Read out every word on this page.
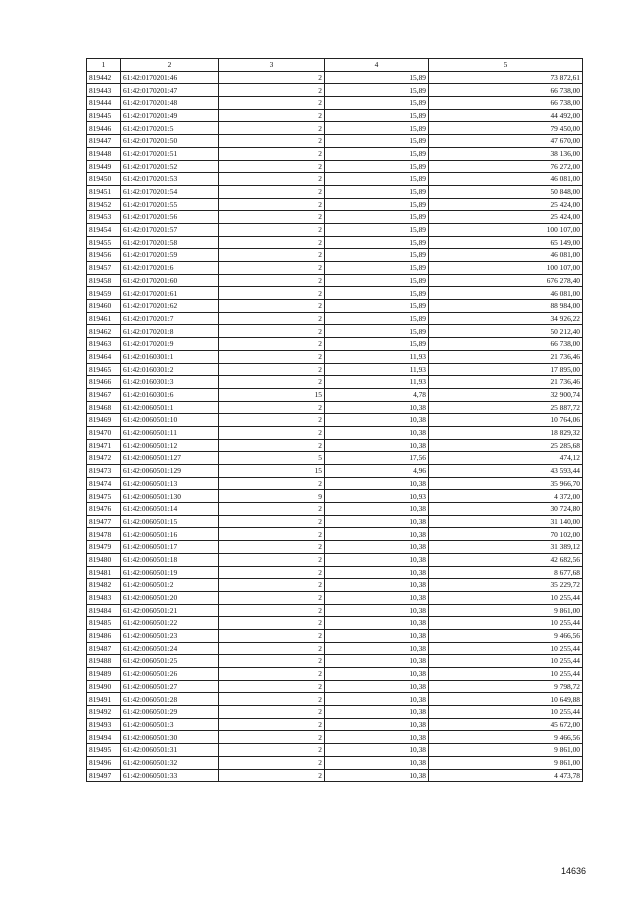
1	2	3	4	5
819442	61:42:0170201:46	2	15,89	73 872,61
819443	61:42:0170201:47	2	15,89	66 738,00
819444	61:42:0170201:48	2	15,89	66 738,00
819445	61:42:0170201:49	2	15,89	44 492,00
819446	61:42:0170201:5	2	15,89	79 450,00
819447	61:42:0170201:50	2	15,89	47 670,00
819448	61:42:0170201:51	2	15,89	38 136,00
819449	61:42:0170201:52	2	15,89	76 272,00
819450	61:42:0170201:53	2	15,89	46 081,00
819451	61:42:0170201:54	2	15,89	50 848,00
819452	61:42:0170201:55	2	15,89	25 424,00
819453	61:42:0170201:56	2	15,89	25 424,00
819454	61:42:0170201:57	2	15,89	100 107,00
819455	61:42:0170201:58	2	15,89	65 149,00
819456	61:42:0170201:59	2	15,89	46 081,00
819457	61:42:0170201:6	2	15,89	100 107,00
819458	61:42:0170201:60	2	15,89	676 278,40
819459	61:42:0170201:61	2	15,89	46 081,00
819460	61:42:0170201:62	2	15,89	88 984,00
819461	61:42:0170201:7	2	15,89	34 926,22
819462	61:42:0170201:8	2	15,89	50 212,40
819463	61:42:0170201:9	2	15,89	66 738,00
819464	61:42:0160301:1	2	11,93	21 736,46
819465	61:42:0160301:2	2	11,93	17 895,00
819466	61:42:0160301:3	2	11,93	21 736,46
819467	61:42:0160301:6	15	4,78	32 900,74
819468	61:42:0060501:1	2	10,38	25 887,72
819469	61:42:0060501:10	2	10,38	10 764,06
819470	61:42:0060501:11	2	10,38	18 829,32
819471	61:42:0060501:12	2	10,38	25 285,68
819472	61:42:0060501:127	5	17,56	474,12
819473	61:42:0060501:129	15	4,96	43 593,44
819474	61:42:0060501:13	2	10,38	35 966,70
819475	61:42:0060501:130	9	10,93	4 372,00
819476	61:42:0060501:14	2	10,38	30 724,80
819477	61:42:0060501:15	2	10,38	31 140,00
819478	61:42:0060501:16	2	10,38	70 102,00
819479	61:42:0060501:17	2	10,38	31 389,12
819480	61:42:0060501:18	2	10,38	42 682,56
819481	61:42:0060501:19	2	10,38	8 677,68
819482	61:42:0060501:2	2	10,38	35 229,72
819483	61:42:0060501:20	2	10,38	10 255,44
819484	61:42:0060501:21	2	10,38	9 861,00
819485	61:42:0060501:22	2	10,38	10 255,44
819486	61:42:0060501:23	2	10,38	9 466,56
819487	61:42:0060501:24	2	10,38	10 255,44
819488	61:42:0060501:25	2	10,38	10 255,44
819489	61:42:0060501:26	2	10,38	10 255,44
819490	61:42:0060501:27	2	10,38	9 798,72
819491	61:42:0060501:28	2	10,38	10 649,88
819492	61:42:0060501:29	2	10,38	10 255,44
819493	61:42:0060501:3	2	10,38	45 672,00
819494	61:42:0060501:30	2	10,38	9 466,56
819495	61:42:0060501:31	2	10,38	9 861,00
819496	61:42:0060501:32	2	10,38	9 861,00
819497	61:42:0060501:33	2	10,38	4 473,78
14636
